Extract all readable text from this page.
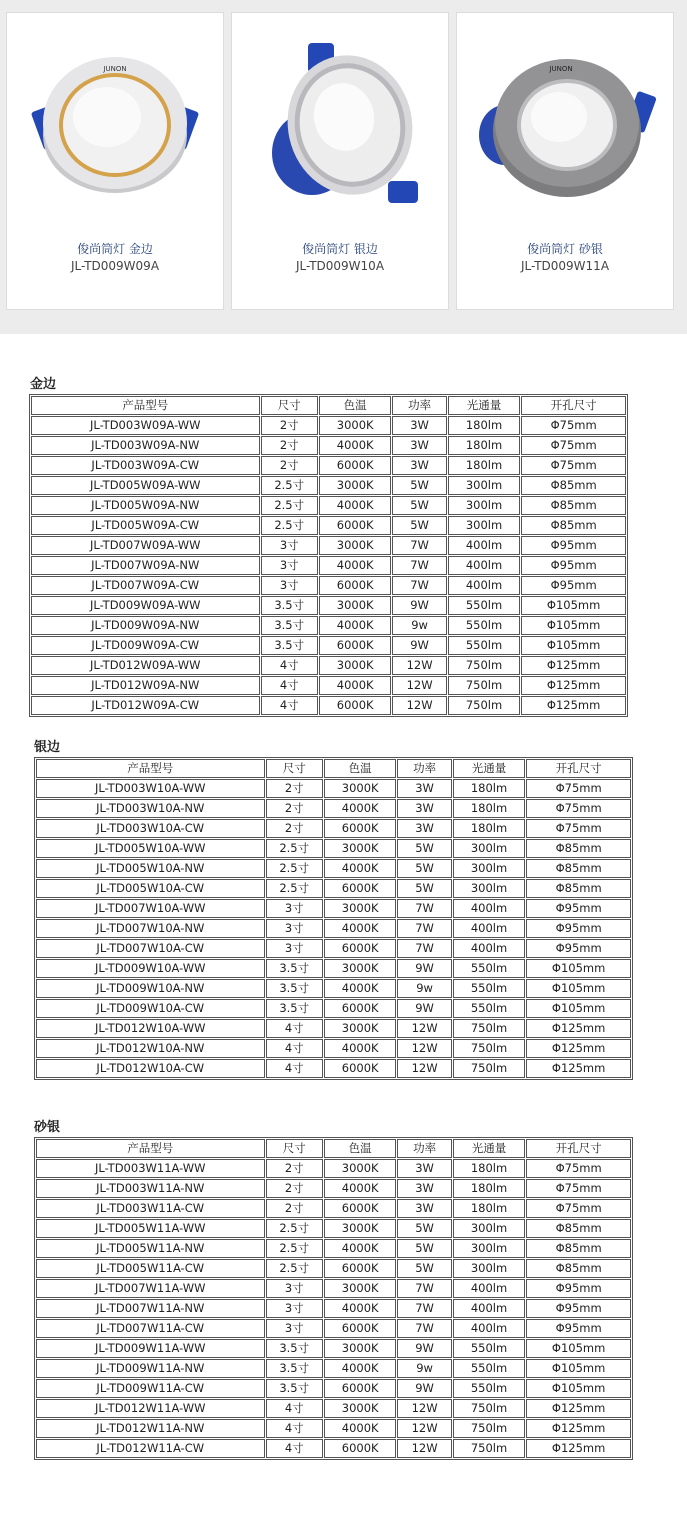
JUNON
俊尚筒灯 金边
JL-TD009W09A
俊尚筒灯 银边
JL-TD009W10A
JUNON
俊尚筒灯 砂银
JL-TD009W11A
金边
产品型号	尺寸	色温	功率	光通量	开孔尺寸
JL-TD003W09A-WW	2寸	3000K	3W	180lm	Φ75mm
JL-TD003W09A-NW	2寸	4000K	3W	180lm	Φ75mm
JL-TD003W09A-CW	2寸	6000K	3W	180lm	Φ75mm
JL-TD005W09A-WW	2.5寸	3000K	5W	300lm	Φ85mm
JL-TD005W09A-NW	2.5寸	4000K	5W	300lm	Φ85mm
JL-TD005W09A-CW	2.5寸	6000K	5W	300lm	Φ85mm
JL-TD007W09A-WW	3寸	3000K	7W	400lm	Φ95mm
JL-TD007W09A-NW	3寸	4000K	7W	400lm	Φ95mm
JL-TD007W09A-CW	3寸	6000K	7W	400lm	Φ95mm
JL-TD009W09A-WW	3.5寸	3000K	9W	550lm	Φ105mm
JL-TD009W09A-NW	3.5寸	4000K	9w	550lm	Φ105mm
JL-TD009W09A-CW	3.5寸	6000K	9W	550lm	Φ105mm
JL-TD012W09A-WW	4寸	3000K	12W	750lm	Φ125mm
JL-TD012W09A-NW	4寸	4000K	12W	750lm	Φ125mm
JL-TD012W09A-CW	4寸	6000K	12W	750lm	Φ125mm
银边
产品型号	尺寸	色温	功率	光通量	开孔尺寸
JL-TD003W10A-WW	2寸	3000K	3W	180lm	Φ75mm
JL-TD003W10A-NW	2寸	4000K	3W	180lm	Φ75mm
JL-TD003W10A-CW	2寸	6000K	3W	180lm	Φ75mm
JL-TD005W10A-WW	2.5寸	3000K	5W	300lm	Φ85mm
JL-TD005W10A-NW	2.5寸	4000K	5W	300lm	Φ85mm
JL-TD005W10A-CW	2.5寸	6000K	5W	300lm	Φ85mm
JL-TD007W10A-WW	3寸	3000K	7W	400lm	Φ95mm
JL-TD007W10A-NW	3寸	4000K	7W	400lm	Φ95mm
JL-TD007W10A-CW	3寸	6000K	7W	400lm	Φ95mm
JL-TD009W10A-WW	3.5寸	3000K	9W	550lm	Φ105mm
JL-TD009W10A-NW	3.5寸	4000K	9w	550lm	Φ105mm
JL-TD009W10A-CW	3.5寸	6000K	9W	550lm	Φ105mm
JL-TD012W10A-WW	4寸	3000K	12W	750lm	Φ125mm
JL-TD012W10A-NW	4寸	4000K	12W	750lm	Φ125mm
JL-TD012W10A-CW	4寸	6000K	12W	750lm	Φ125mm
砂银
产品型号	尺寸	色温	功率	光通量	开孔尺寸
JL-TD003W11A-WW	2寸	3000K	3W	180lm	Φ75mm
JL-TD003W11A-NW	2寸	4000K	3W	180lm	Φ75mm
JL-TD003W11A-CW	2寸	6000K	3W	180lm	Φ75mm
JL-TD005W11A-WW	2.5寸	3000K	5W	300lm	Φ85mm
JL-TD005W11A-NW	2.5寸	4000K	5W	300lm	Φ85mm
JL-TD005W11A-CW	2.5寸	6000K	5W	300lm	Φ85mm
JL-TD007W11A-WW	3寸	3000K	7W	400lm	Φ95mm
JL-TD007W11A-NW	3寸	4000K	7W	400lm	Φ95mm
JL-TD007W11A-CW	3寸	6000K	7W	400lm	Φ95mm
JL-TD009W11A-WW	3.5寸	3000K	9W	550lm	Φ105mm
JL-TD009W11A-NW	3.5寸	4000K	9w	550lm	Φ105mm
JL-TD009W11A-CW	3.5寸	6000K	9W	550lm	Φ105mm
JL-TD012W11A-WW	4寸	3000K	12W	750lm	Φ125mm
JL-TD012W11A-NW	4寸	4000K	12W	750lm	Φ125mm
JL-TD012W11A-CW	4寸	6000K	12W	750lm	Φ125mm
